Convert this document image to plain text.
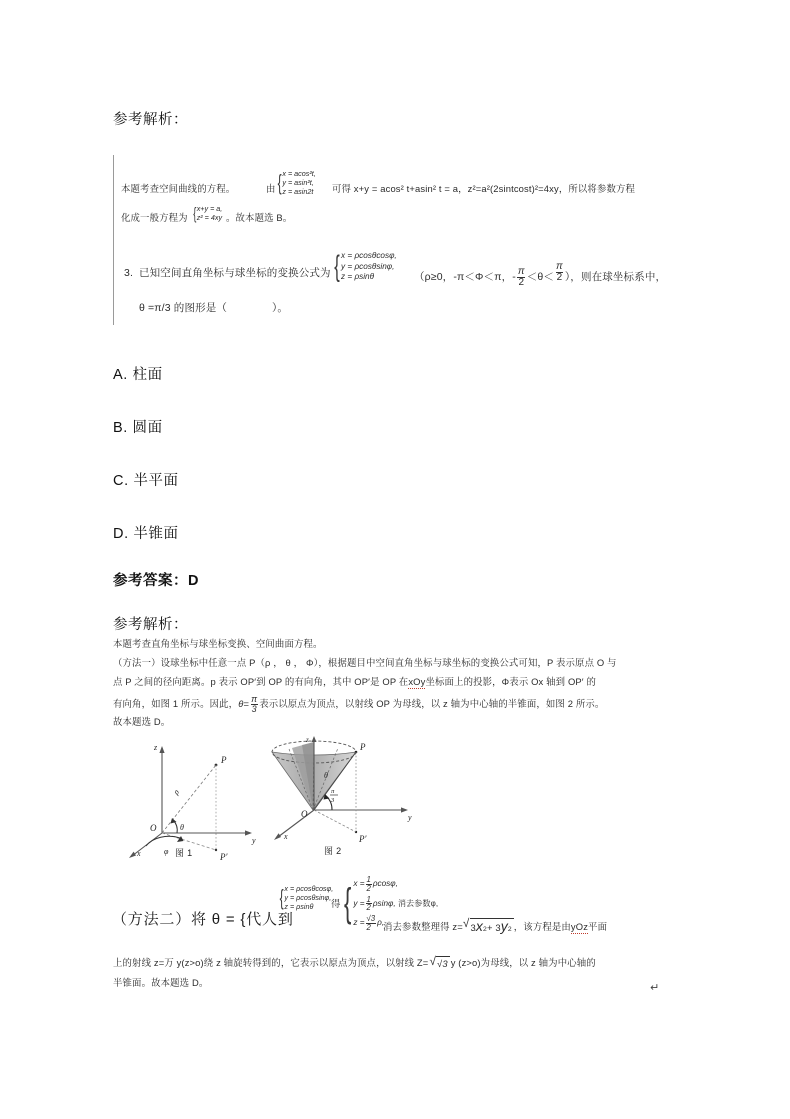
参考解析：
本题考查空间曲线的方程。	由 { x = acos²t,
y = asin²t,
z = asin2t 可得 x+y = acos² t+asin² t = a，z²=a²(2sintcost)²=4xy，所以将参数方程
化成一般方程为 { x+y = a,
z² = 4xy 。故本题选 B。
3. 已知空间直角坐标与球坐标的变换公式为 { x = ρcosθcosφ,
y = ρcosθsinφ,
z = ρsinθ	（ρ ≥0，-π＜Φ＜π，- $\frac{\pi}{2} <\theta< \frac{\pi}{2}$ ），则在球坐标系中，
θ =π/3 的图形是（	）。
A. 柱面
B. 圆面
C. 半平面
D. 半锥面
参考答案：D
参考解析：
本题考查直角坐标与球坐标变换、空间曲面方程。
（方法一）设球坐标中任意一点 P（ρ ， θ ， Φ），根据题目中空间直角坐标与球坐标的变换公式可知，P 表示原点 O 与
点 P 之间的径向距离。p 表示 OP ′ 到 OP 的有向角，其中 OP ′ 是 OP 在 xOy 坐标面上的投影，Φ表示 Ox 轴到 OP′ 的
有向角，如图 1 所示。因此， $\theta = \frac{\pi}{3}$ 表示以原点为顶点，以射线 OP 为母线，以 z 轴为中心轴的半锥面，如图 2 所示。
故本题选 D。
z
P
P′
O
y
x
ρ
θ
φ 图 1
z
P
P′
O	y
x
θ
π
3
图 2
{ x = ρcosθcosφ,
y = ρcosθsinφ,
z = ρsinθ	得 { $x = \frac{1}{2} \rho\cos\varphi$,
$y = \frac{1}{2} \rho\sin\varphi$,
$z = \frac{√3}{2} \rho$,
消去参数φ,
（方法二）将 θ = {代人到	消去参数整理得 z= √ 3 x 2 + 3 y 2 ，该方程是由 yOz 平面
上的射线 z=万 y(z>o)绕 z 轴旋转得到的，它表示以原点为顶点，以射线 Z= √ √3 y (z>o)为母线，以 z 轴为中心轴的
半锥面。故本题选 D。	↵
